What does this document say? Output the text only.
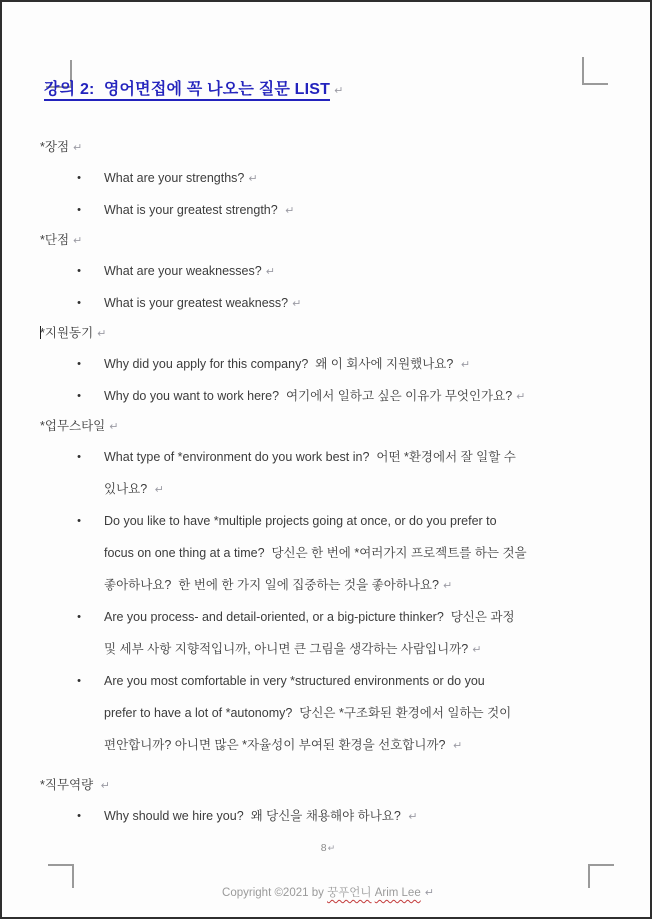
강의 2:  영어면접에 꼭 나오는 질문 LIST ↵
*장점 ↵
•	What are your strengths? ↵
•	What is your greatest strength? ↵
*단점 ↵
•	What are your weaknesses? ↵
•	What is your greatest weakness? ↵
*지원동기 ↵
•	Why did you apply for this company?  왜 이 회사에 지원했나요? ↵
•	Why do you want to work here?  여기에서 일하고 싶은 이유가 무엇인가요? ↵
*업무스타일 ↵
•	What type of *environment do you work best in?  어떤 *환경에서 잘 일할 수
있나요? ↵
•	Do you like to have *multiple projects going at once, or do you prefer to
focus on one thing at a time?  당신은 한 번에 *여러가지 프로젝트를 하는 것을
좋아하나요?  한 번에 한 가지 일에 집중하는 것을 좋아하나요? ↵
•	Are you process- and detail-oriented, or a big-picture thinker?  당신은 과정
및 세부 사항 지향적입니까, 아니면 큰 그림을 생각하는 사람입니까? ↵
•	Are you most comfortable in very *structured environments or do you
prefer to have a lot of *autonomy?  당신은 *구조화된 환경에서 일하는 것이
편안합니까? 아니면 많은 *자율성이 부여된 환경을 선호합니까? ↵
*직무역량 ↵
•	Why should we hire you?  왜 당신을 채용해야 하나요? ↵
8↵
Copyright ©2021 by 꿍푸언니 Arim Lee ↵
